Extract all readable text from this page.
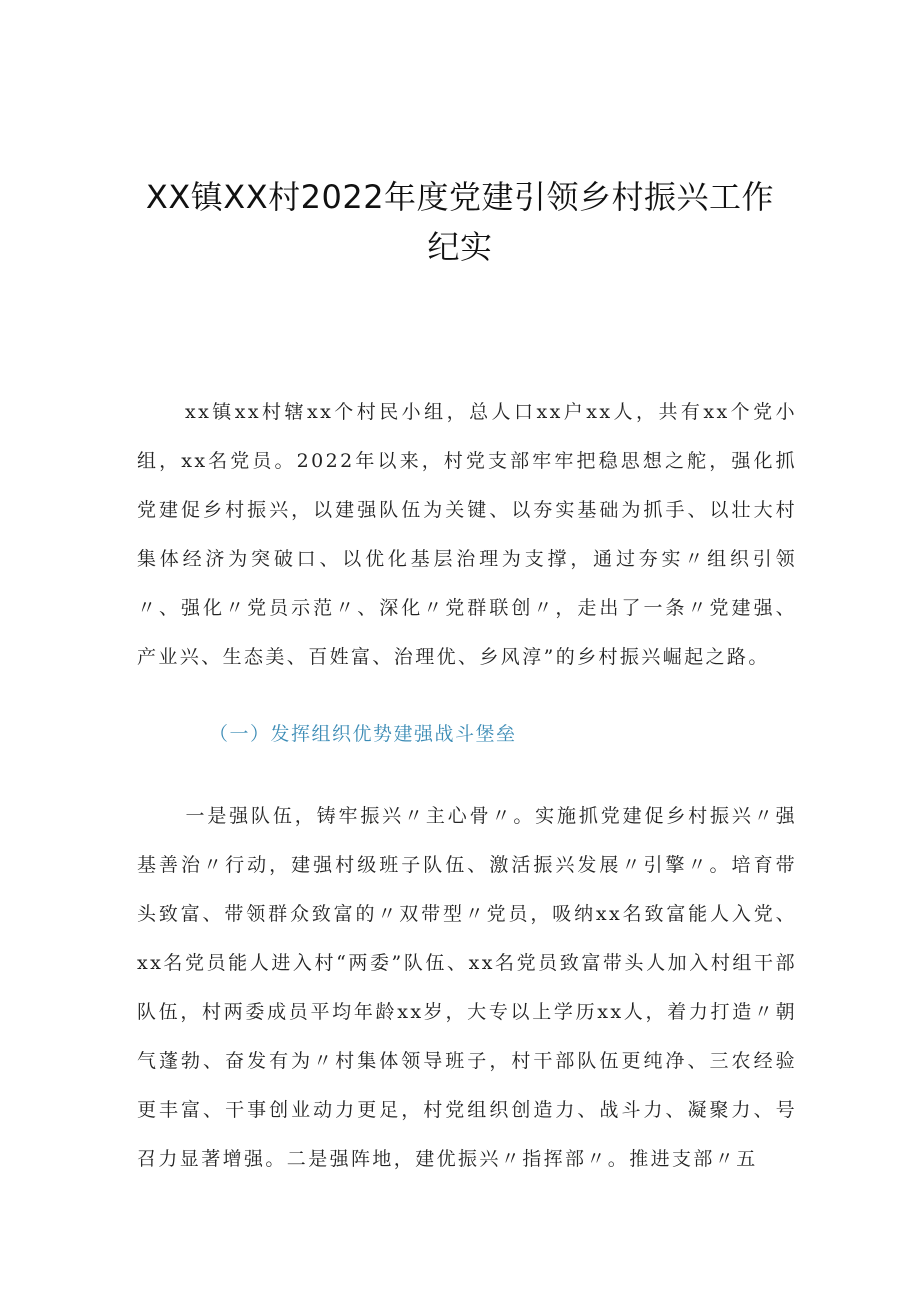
XX镇XX村2022年度党建引领乡村振兴工作
纪实
xx镇xx村辖xx个村民小组，总人口xx户xx人，共有xx个党小组，xx名党员。2022年以来，村党支部牢牢把稳思想之舵，强化抓党建促乡村振兴，以建强队伍为关键、以夯实基础为抓手、以壮大村集体经济为突破口、以优化基层治理为支撑，通过夯实〃组织引领〃、强化〃党员示范〃、深化〃党群联创〃，走出了一条〃党建强、产业兴、生态美、百姓富、治理优、乡风淳”的乡村振兴崛起之路。
（一）发挥组织优势建强战斗堡垒
一是强队伍，铸牢振兴〃主心骨〃。实施抓党建促乡村振兴〃强基善治〃行动，建强村级班子队伍、激活振兴发展〃引擎〃。培育带头致富、带领群众致富的〃双带型〃党员，吸纳xx名致富能人入党、xx名党员能人进入村“两委”队伍、xx名党员致富带头人加入村组干部队伍，村两委成员平均年龄xx岁，大专以上学历xx人，着力打造〃朝气蓬勃、奋发有为〃村集体领导班子，村干部队伍更纯净、三农经验更丰富、干事创业动力更足，村党组织创造力、战斗力、凝聚力、号召力显著增强。二是强阵地，建优振兴〃指挥部〃。推进支部〃五
